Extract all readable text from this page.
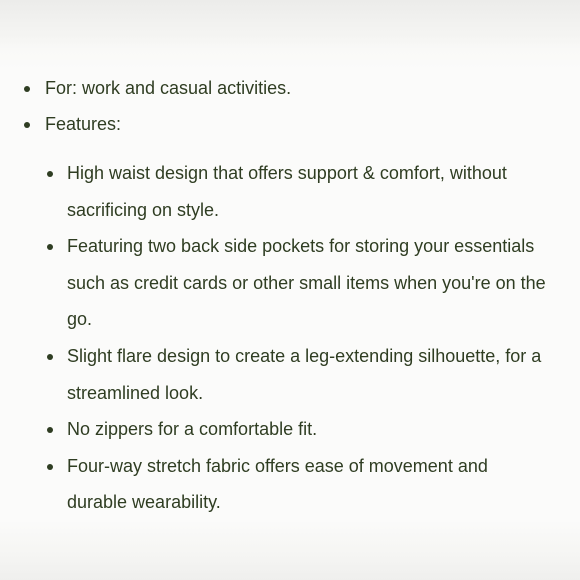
For: work and casual activities.
Features:
High waist design that offers support & comfort, without
sacrificing on style.
Featuring two back side pockets for storing your essentials
such as credit cards or other small items when you're on the
go.
Slight flare design to create a leg-extending silhouette, for a
streamlined look.
No zippers for a comfortable fit.
Four-way stretch fabric offers ease of movement and
durable wearability.
